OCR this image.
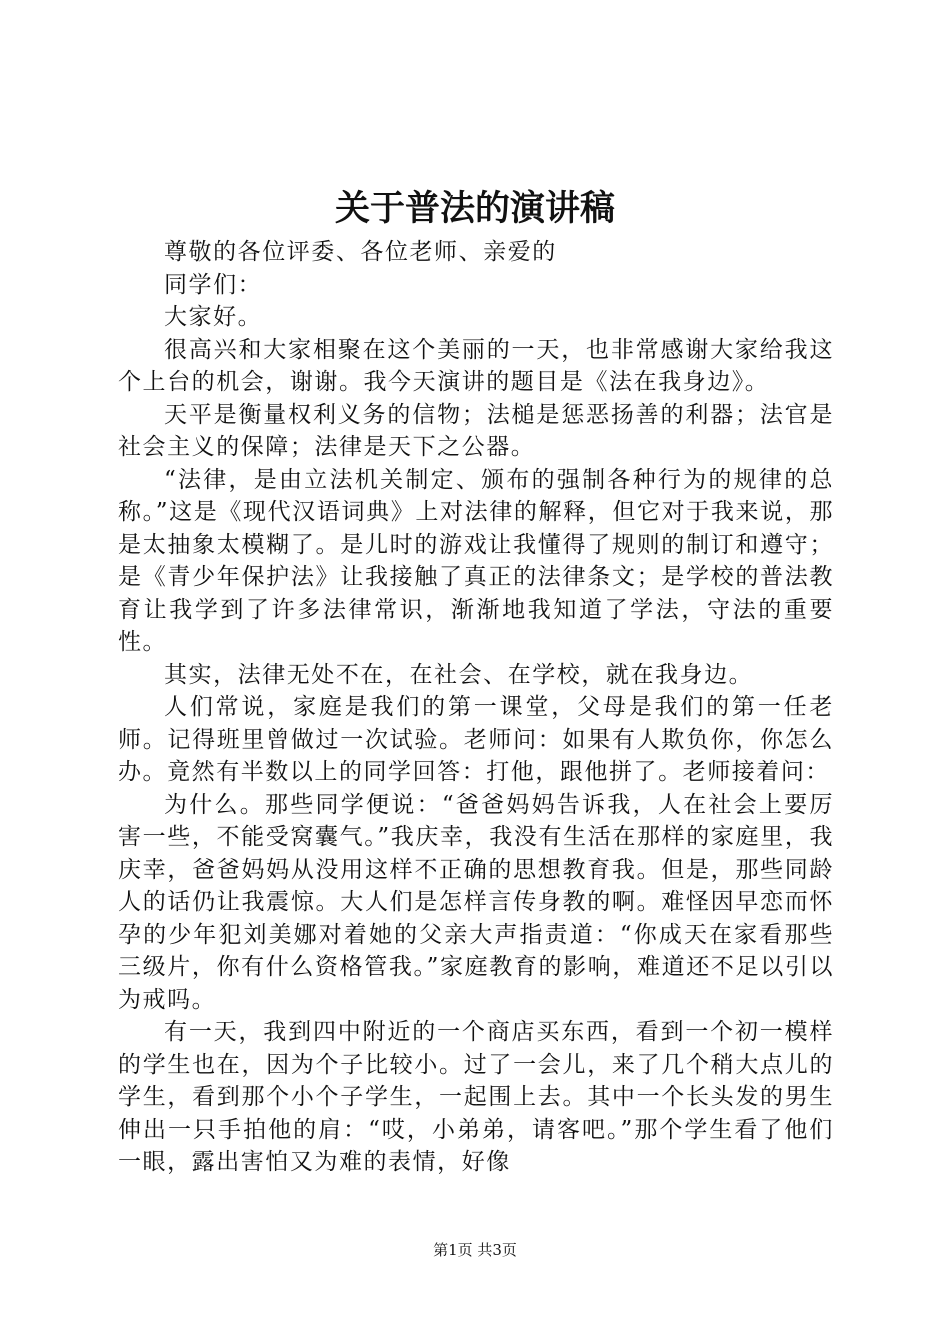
关于普法的演讲稿

尊敬的各位评委、各位老师、亲爱的

同学们：

大家好。

很高兴和大家相聚在这个美丽的一天，也非常感谢大家给我这个上台的机会，谢谢。我今天演讲的题目是《法在我身边》。

天平是衡量权利义务的信物；法槌是惩恶扬善的利器；法官是社会主义的保障；法律是天下之公器。

“法律，是由立法机关制定、颁布的强制各种行为的规律的总称。”这是《现代汉语词典》上对法律的解释，但它对于我来说，那是太抽象太模糊了。是儿时的游戏让我懂得了规则的制订和遵守；是《青少年保护法》让我接触了真正的法律条文；是学校的普法教育让我学到了许多法律常识，渐渐地我知道了学法，守法的重要性。

其实，法律无处不在，在社会、在学校，就在我身边。

人们常说，家庭是我们的第一课堂，父母是我们的第一任老师。记得班里曾做过一次试验。老师问：如果有人欺负你，你怎么办。竟然有半数以上的同学回答：打他，跟他拼了。老师接着问：

为什么。那些同学便说：“爸爸妈妈告诉我，人在社会上要厉害一些，不能受窝囊气。”我庆幸，我没有生活在那样的家庭里，我庆幸，爸爸妈妈从没用这样不正确的思想教育我。但是，那些同龄人的话仍让我震惊。大人们是怎样言传身教的啊。难怪因早恋而怀孕的少年犯刘美娜对着她的父亲大声指责道：“你成天在家看那些三级片，你有什么资格管我。”家庭教育的影响，难道还不足以引以为戒吗。

有一天，我到四中附近的一个商店买东西，看到一个初一模样的学生也在，因为个子比较小。过了一会儿，来了几个稍大点儿的学生，看到那个小个子学生，一起围上去。其中一个长头发的男生伸出一只手拍他的肩：“哎，小弟弟，请客吧。”那个学生看了他们一眼，露出害怕又为难的表情，好像

第1页 共3页
